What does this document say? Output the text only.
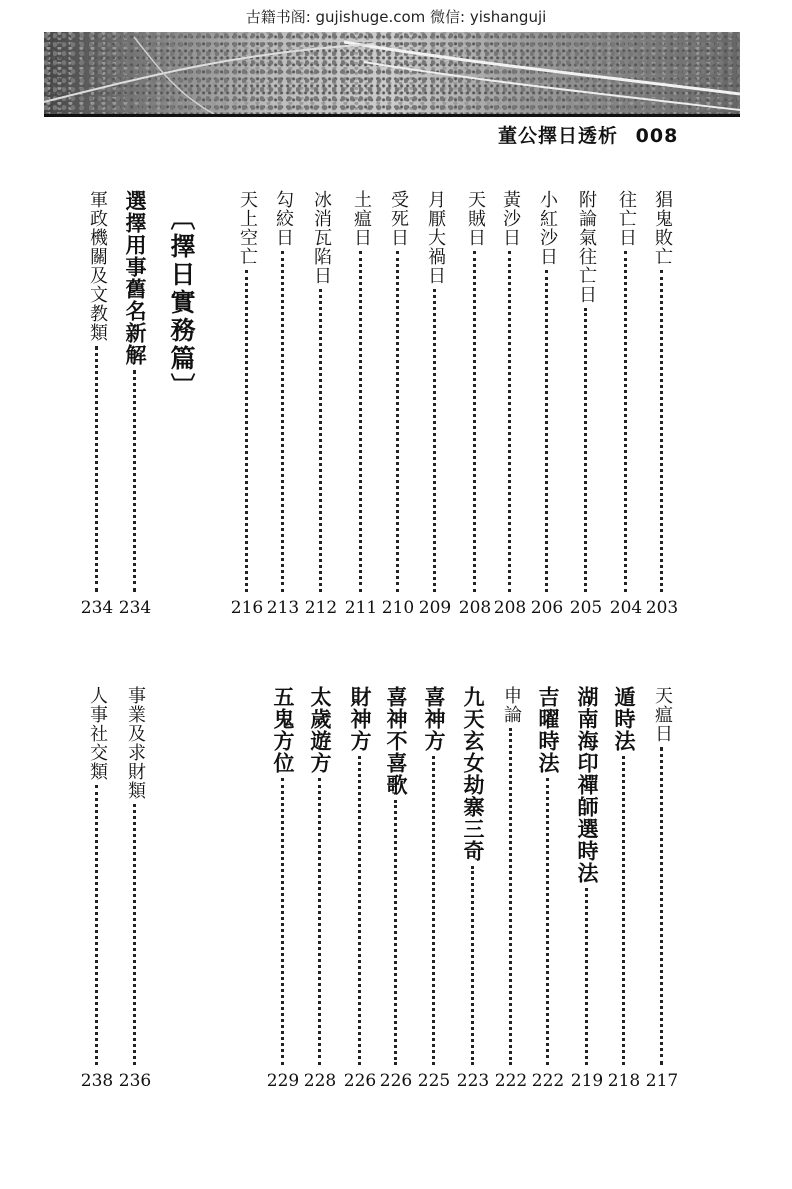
古籍书阁: gujishuge.com 微信: yishanguji
董公擇日透析 008
〔擇日實務篇〕	猖鬼敗亡
203
往亡日
204
附論氣往亡日
205
小紅沙日
206
黃沙日
208
天賊日
208
月厭大禍日
209
受死日
210
土瘟日
211
冰消瓦陷日
212
勾絞日
213
天上空亡
216
選擇用事舊名新解
234
軍政機關及文教類
234
天瘟日
217
遁時法
218
湖南海印禪師選時法
219
吉曜時法
222
申論
222
九天玄女劫寨三奇
223
喜神方
225
喜神不喜歌
226
財神方
226
太歲遊方
228
五鬼方位
229
事業及求財類
236
人事社交類
238
